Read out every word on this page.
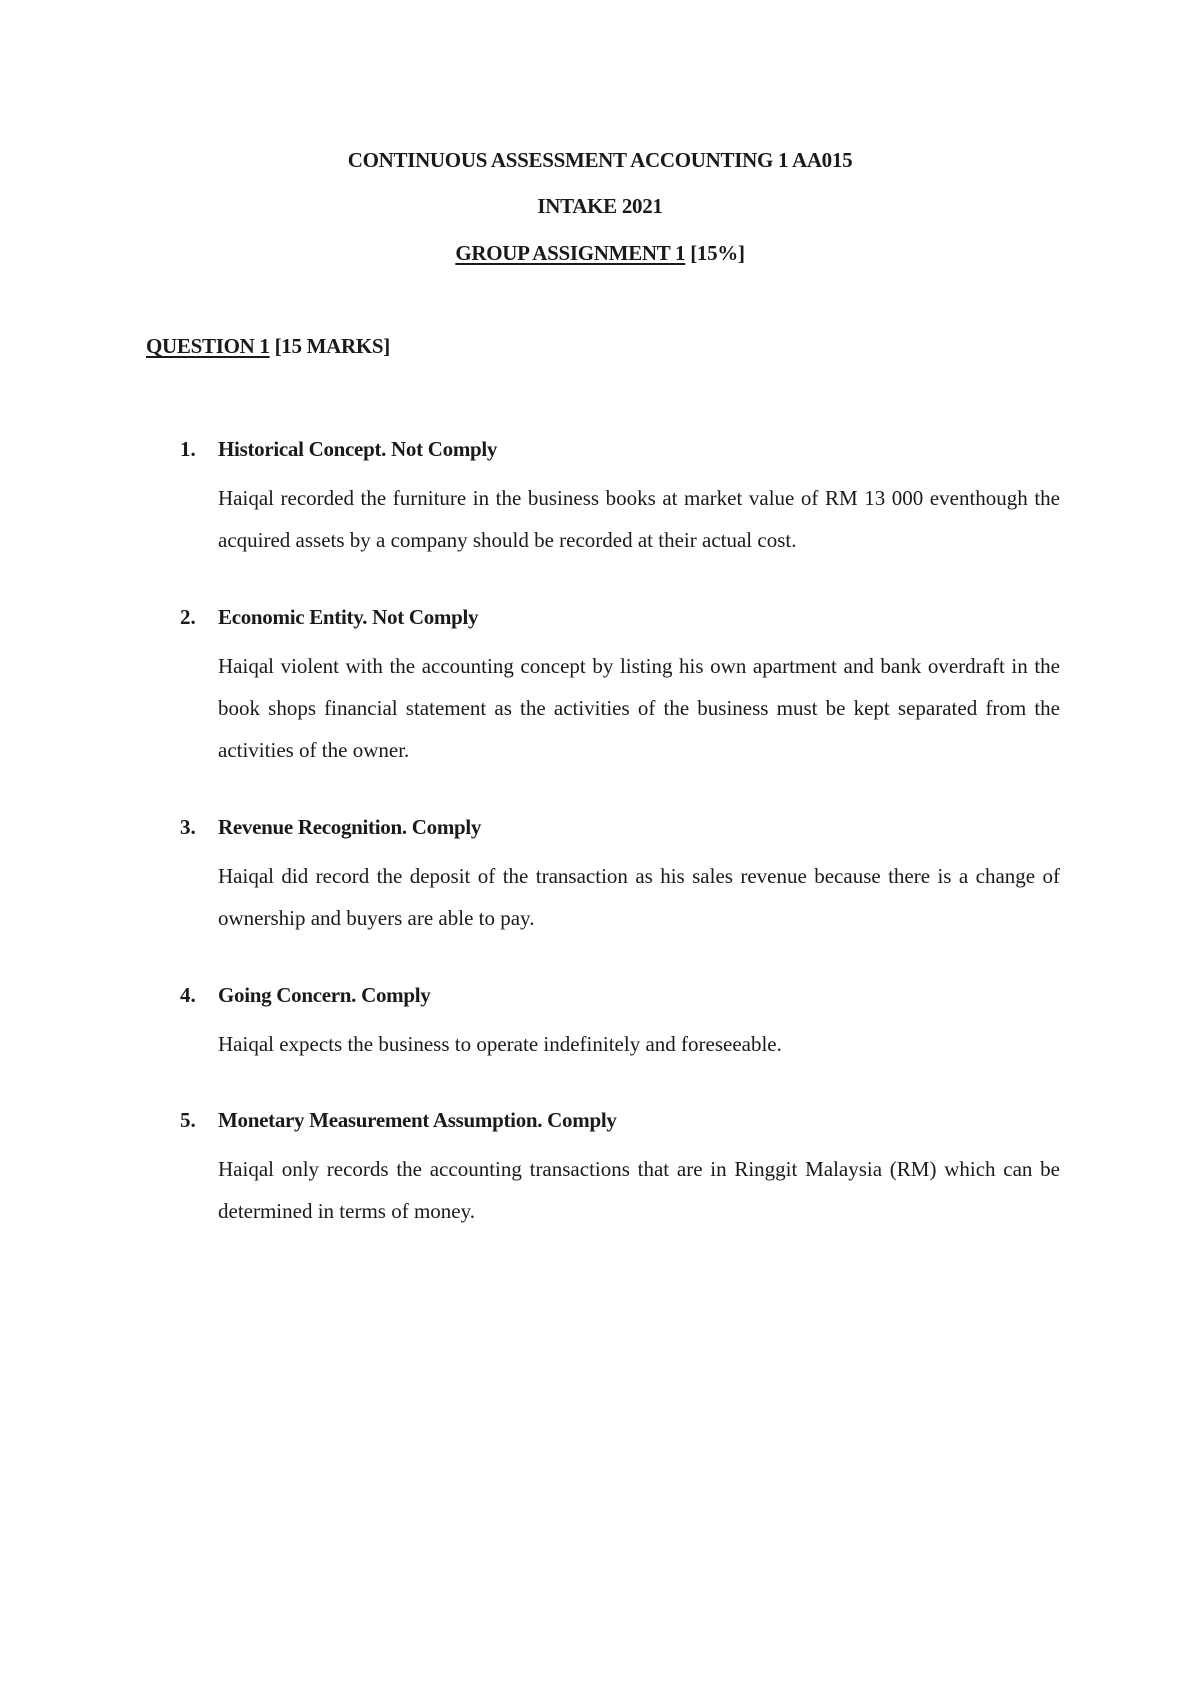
CONTINUOUS ASSESSMENT ACCOUNTING 1 AA015
INTAKE 2021
GROUP ASSIGNMENT 1 [15%]
QUESTION 1 [15 MARKS]
1. Historical Concept. Not Comply
Haiqal recorded the furniture in the business books at market value of RM 13 000 eventhough the acquired assets by a company should be recorded at their actual cost.
2. Economic Entity. Not Comply
Haiqal violent with the accounting concept by listing his own apartment and bank overdraft in the book shops financial statement as the activities of the business must be kept separated from the activities of the owner.
3. Revenue Recognition. Comply
Haiqal did record the deposit of the transaction as his sales revenue because there is a change of ownership and buyers are able to pay.
4. Going Concern. Comply
Haiqal expects the business to operate indefinitely and foreseeable.
5. Monetary Measurement Assumption. Comply
Haiqal only records the accounting transactions that are in Ringgit Malaysia (RM) which can be determined in terms of money.
